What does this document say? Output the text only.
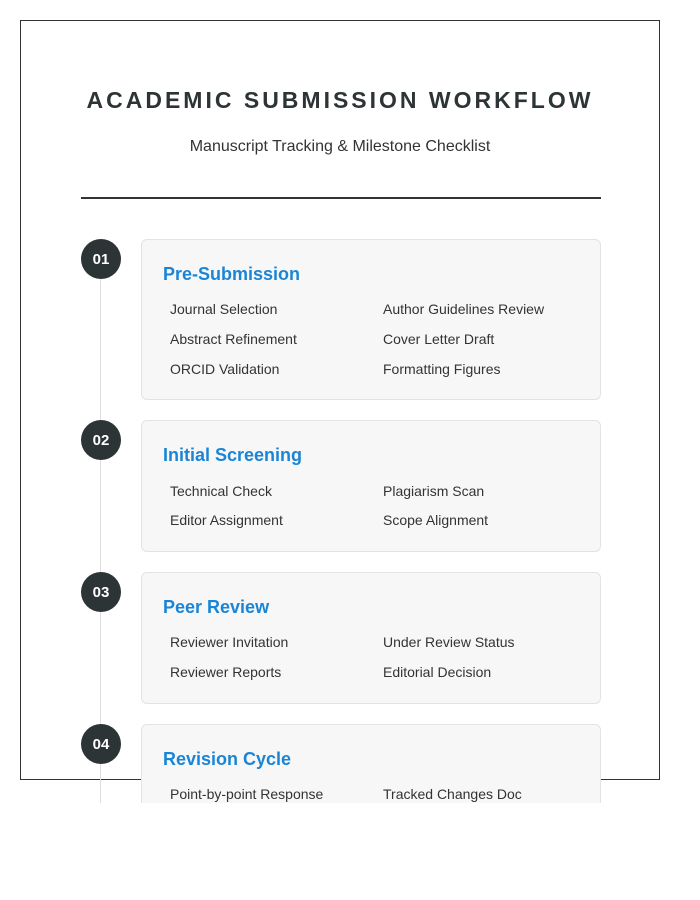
ACADEMIC SUBMISSION WORKFLOW
Manuscript Tracking & Milestone Checklist
01
Pre-Submission
Journal Selection	Author Guidelines Review
Abstract Refinement	Cover Letter Draft
ORCID Validation	Formatting Figures
02
Initial Screening
Technical Check	Plagiarism Scan
Editor Assignment	Scope Alignment
03
Peer Review
Reviewer Invitation	Under Review Status
Reviewer Reports	Editorial Decision
04
Revision Cycle
Point-by-point Response	Tracked Changes Doc
